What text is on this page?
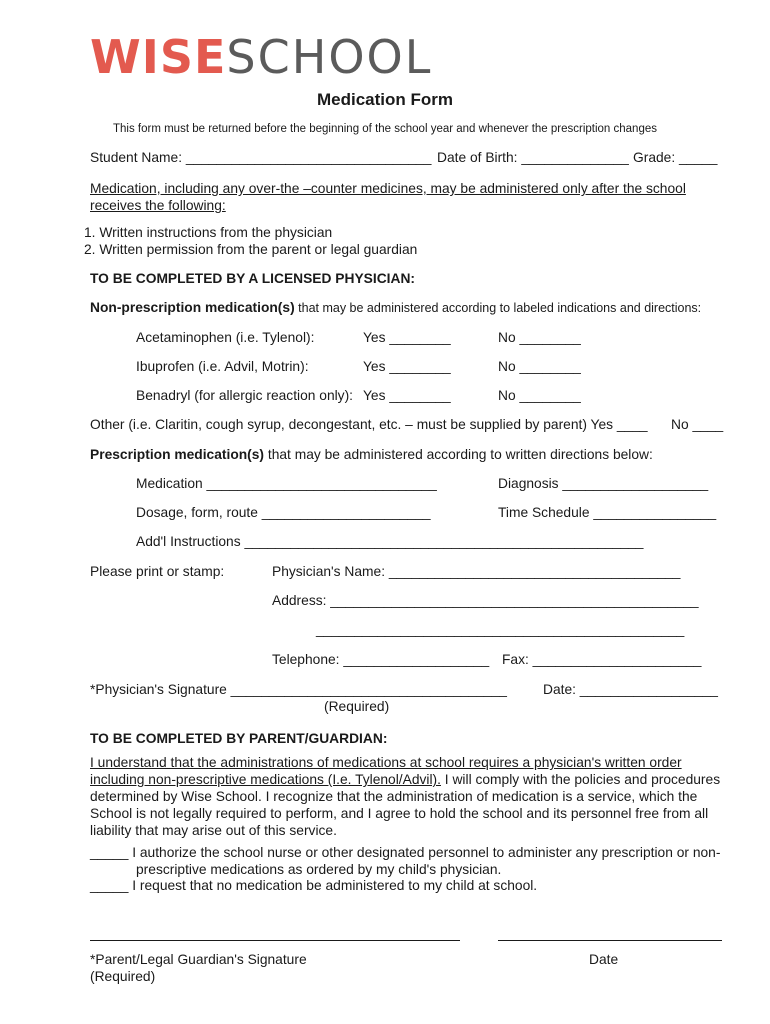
WISESCHOOL
Medication Form
This form must be returned before the beginning of the school year and whenever the prescription changes
Student Name: ________________________________ Date of Birth: ______________ Grade: _____
Medication, including any over-the –counter medicines, may be administered only after the school receives the following:
1. Written instructions from the physician
2. Written permission from the parent or legal guardian
TO BE COMPLETED BY A LICENSED PHYSICIAN:
Non-prescription medication(s) that may be administered according to labeled indications and directions:
Acetaminophen (i.e. Tylenol):	Yes ________	No ________
Ibuprofen (i.e. Advil, Motrin):	Yes ________	No ________
Benadryl (for allergic reaction only): Yes ________	No ________
Other (i.e. Claritin, cough syrup, decongestant, etc. – must be supplied by parent) Yes ____ No ____
Prescription medication(s) that may be administered according to written directions below:
Medication ______________________________	Diagnosis ___________________
Dosage, form, route ______________________	Time Schedule ________________
Add'l Instructions ____________________________________________________
Please print or stamp:	Physician's Name: ______________________________________
Address: ________________________________________________
________________________________________________
Telephone: ___________________ Fax: ______________________
*Physician's Signature ____________________________________	Date: __________________
(Required)
TO BE COMPLETED BY PARENT/GUARDIAN:
I understand that the administrations of medications at school requires a physician's written order including non-prescriptive medications (I.e. Tylenol/Advil). I will comply with the policies and procedures determined by Wise School. I recognize that the administration of medication is a service, which the School is not legally required to perform, and I agree to hold the school and its personnel free from all liability that may arise out of this service.
_____ I authorize the school nurse or other designated personnel to administer any prescription or non-
prescriptive medications as ordered by my child's physician.
_____ I request that no medication be administered to my child at school.
*Parent/Legal Guardian's Signature
(Required)
Date
